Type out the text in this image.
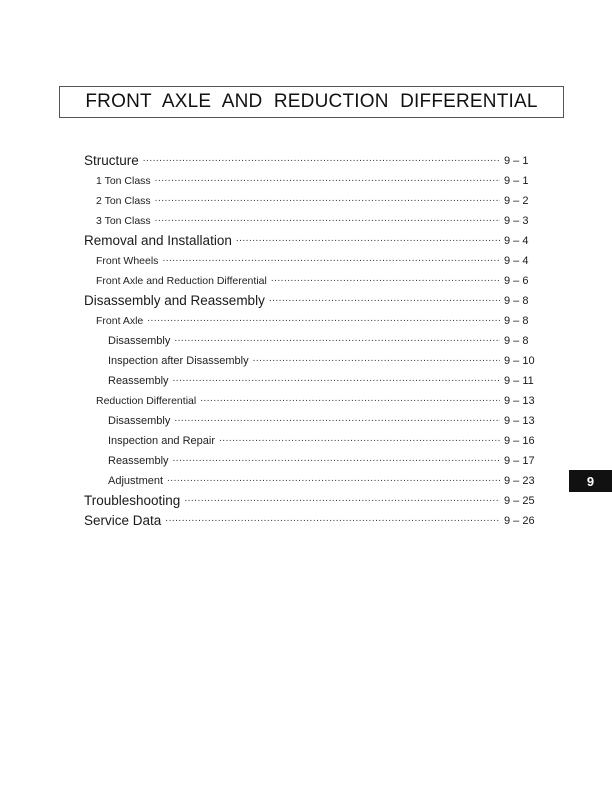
FRONT AXLE AND REDUCTION DIFFERENTIAL
Structure .....	9 – 1
1 Ton Class .....	9 – 1
2 Ton Class .....	9 – 2
3 Ton Class .....	9 – 3
Removal and Installation .....	9 – 4
Front Wheels .....	9 – 4
Front Axle and Reduction Differential .....	9 – 6
Disassembly and Reassembly .....	9 – 8
Front Axle .....	9 – 8
Disassembly .....	9 – 8
Inspection after Disassembly .....	9 – 10
Reassembly .....	9 – 11
Reduction Differential .....	9 – 13
Disassembly .....	9 – 13
Inspection and Repair .....	9 – 16
Reassembly .....	9 – 17
Adjustment .....	9 – 23
Troubleshooting .....	9 – 25
Service Data .....	9 – 26
9
